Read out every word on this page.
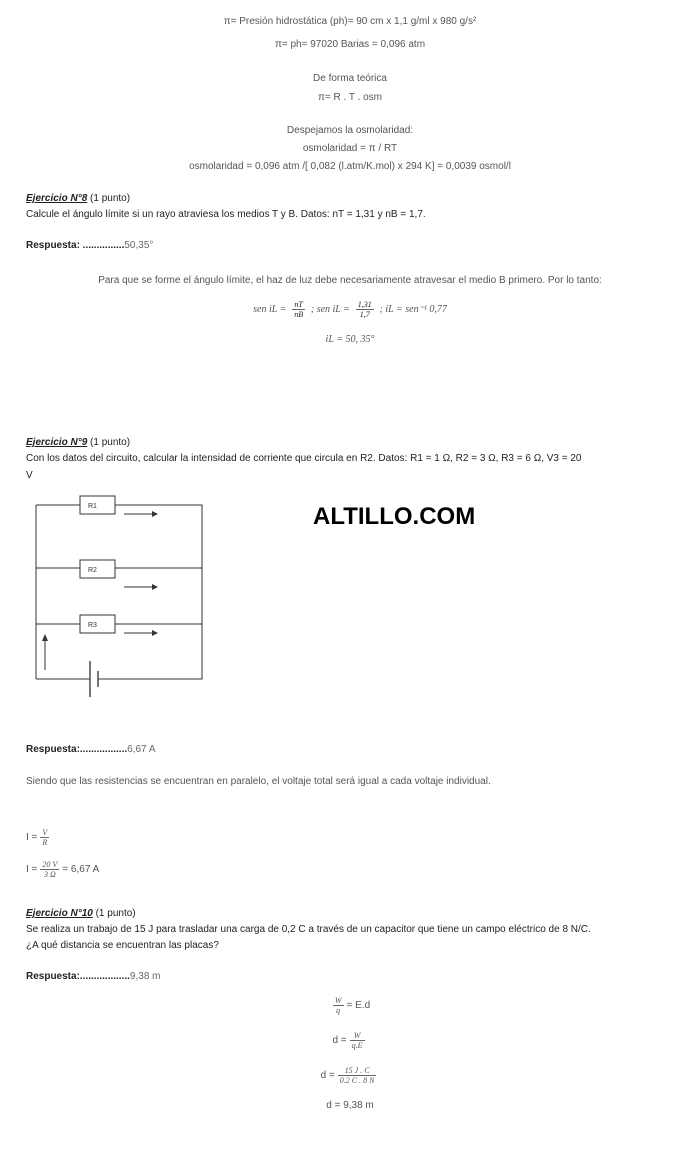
π= Presión hidrostática (ph)= 90 cm x 1,1 g/ml x 980 g/s²
π= ph= 97020 Barias = 0,096 atm
De forma teórica
π= R . T . osm
Despejamos la osmolaridad:
osmolaridad = π / RT
osmolaridad = 0,096 atm /[ 0,082 (l.atm/K.mol) x 294 K] = 0,0039 osmol/l
Ejercicio N°8 (1 punto)
Calcule el ángulo límite si un rayo atraviesa los medios T y B. Datos: nT = 1,31 y nB = 1,7.
Respuesta: ...............50,35°
Para que se forme el ángulo límite, el haz de luz debe necesariamente atravesar el medio B primero. Por lo tanto:
sen iL = $\frac{nT}{nB}$ ; sen iL = $\frac{1,31}{1,7}$ ; iL = sen⁻¹ 0,77
iL = 50, 35°
Ejercicio N°9 (1 punto)
Con los datos del circuito, calcular la intensidad de corriente que circula en R2. Datos: R1 = 1 Ω, R2 = 3 Ω, R3 = 6 Ω, V3 = 20
V
R1
R2
R3
ALTILLO.COM
Respuesta:.................6,67 A
Siendo que las resistencias se encuentran en paralelo, el voltaje total será igual a cada voltaje individual.
$I = \frac{V}{R}$
$I = \frac{20 V}{3 \Omega} = 6,67$ A
Ejercicio N°10 (1 punto)
Se realiza un trabajo de 15 J para trasladar una carga de 0,2 C a través de un capacitor que tiene un campo eléctrico de 8 N/C.
¿A qué distancia se encuentran las placas?
Respuesta:..................9,38 m
$\frac{W}{q} = E.d$
$d = \frac{W}{q.E}$
$d = \frac{15 J . C}{0.2 C . 8 N}$
d = 9,38 m
